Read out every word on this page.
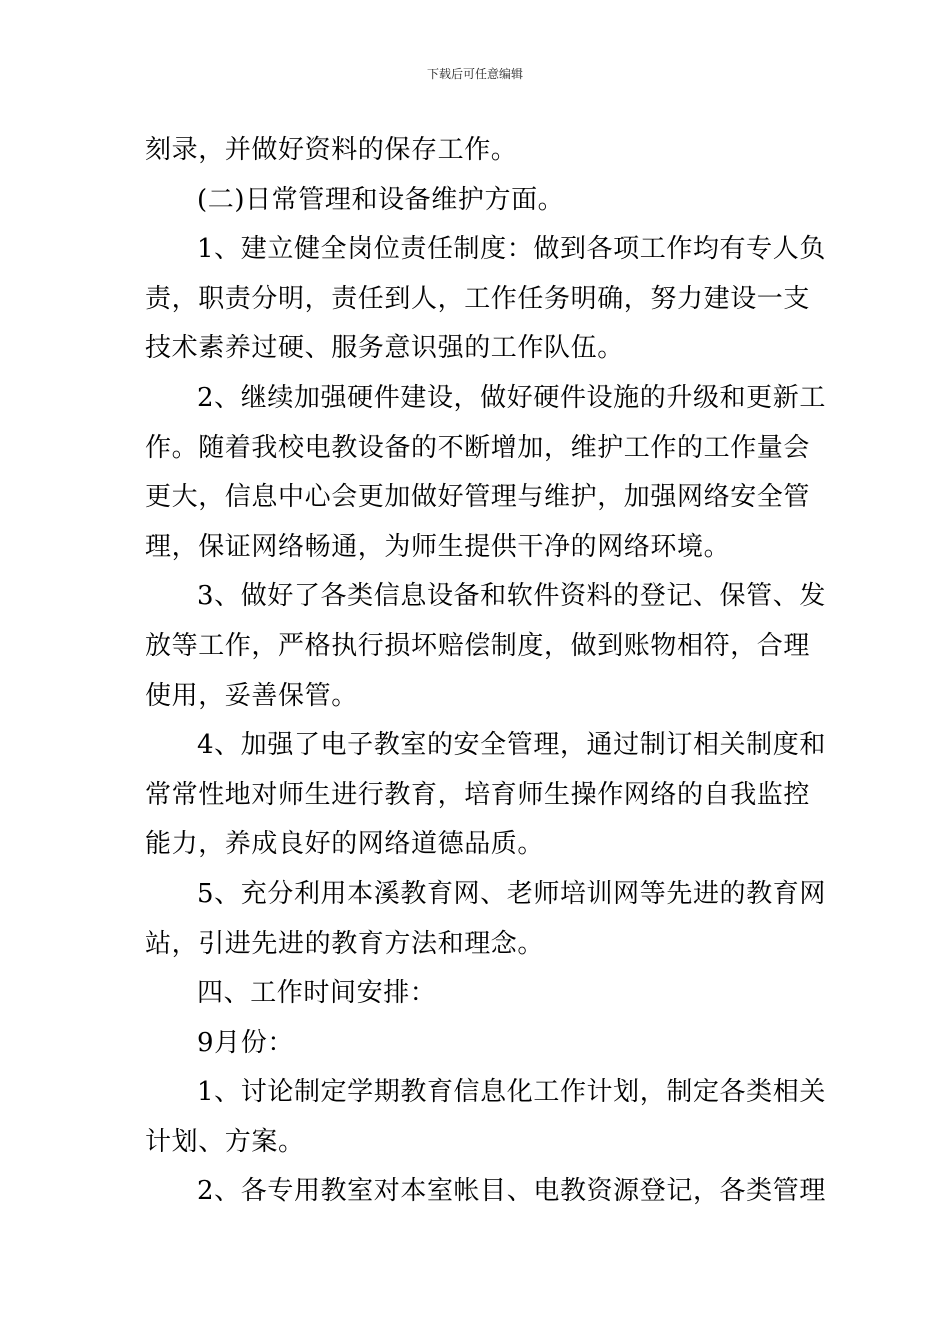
下载后可任意编辑
刻录，并做好资料的保存工作。
(二)日常管理和设备维护方面。
1、建立健全岗位责任制度：做到各项工作均有专人负
责，职责分明，责任到人，工作任务明确，努力建设一支
技术素养过硬、服务意识强的工作队伍。
2、继续加强硬件建设，做好硬件设施的升级和更新工
作。随着我校电教设备的不断增加，维护工作的工作量会
更大，信息中心会更加做好管理与维护，加强网络安全管
理，保证网络畅通，为师生提供干净的网络环境。
3、做好了各类信息设备和软件资料的登记、保管、发
放等工作，严格执行损坏赔偿制度，做到账物相符，合理
使用，妥善保管。
4、加强了电子教室的安全管理，通过制订相关制度和
常常性地对师生进行教育，培育师生操作网络的自我监控
能力，养成良好的网络道德品质。
5、充分利用本溪教育网、老师培训网等先进的教育网
站，引进先进的教育方法和理念。
四、工作时间安排：
9月份：
1、讨论制定学期教育信息化工作计划，制定各类相关
计划、方案。
2、各专用教室对本室帐目、电教资源登记，各类管理
